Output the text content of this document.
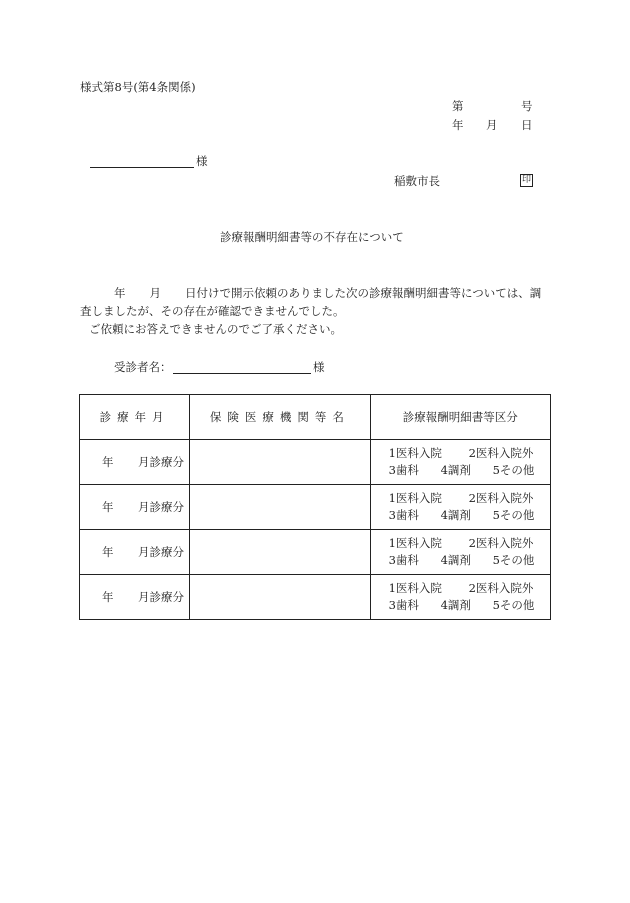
様式第8号(第4条関係)
第	号
年 月 日
様
稲敷市長	印
診療報酬明細書等の不存在について
年 月 日付けで開示依頼のありました次の診療報酬明細書等については、調
査しましたが、その存在が確認できませんでした。
ご依頼にお答えできませんのでご了承ください。
受診者名：	様
診療年月	保険医療機関等名	診療報酬明細書等区分
年 月診療分		1医科入院 2医科入院外
3歯科 4調剤 5その他

年 月診療分		1医科入院 2医科入院外
3歯科 4調剤 5その他

年 月診療分		1医科入院 2医科入院外
3歯科 4調剤 5その他

年 月診療分		1医科入院 2医科入院外
3歯科 4調剤 5その他
